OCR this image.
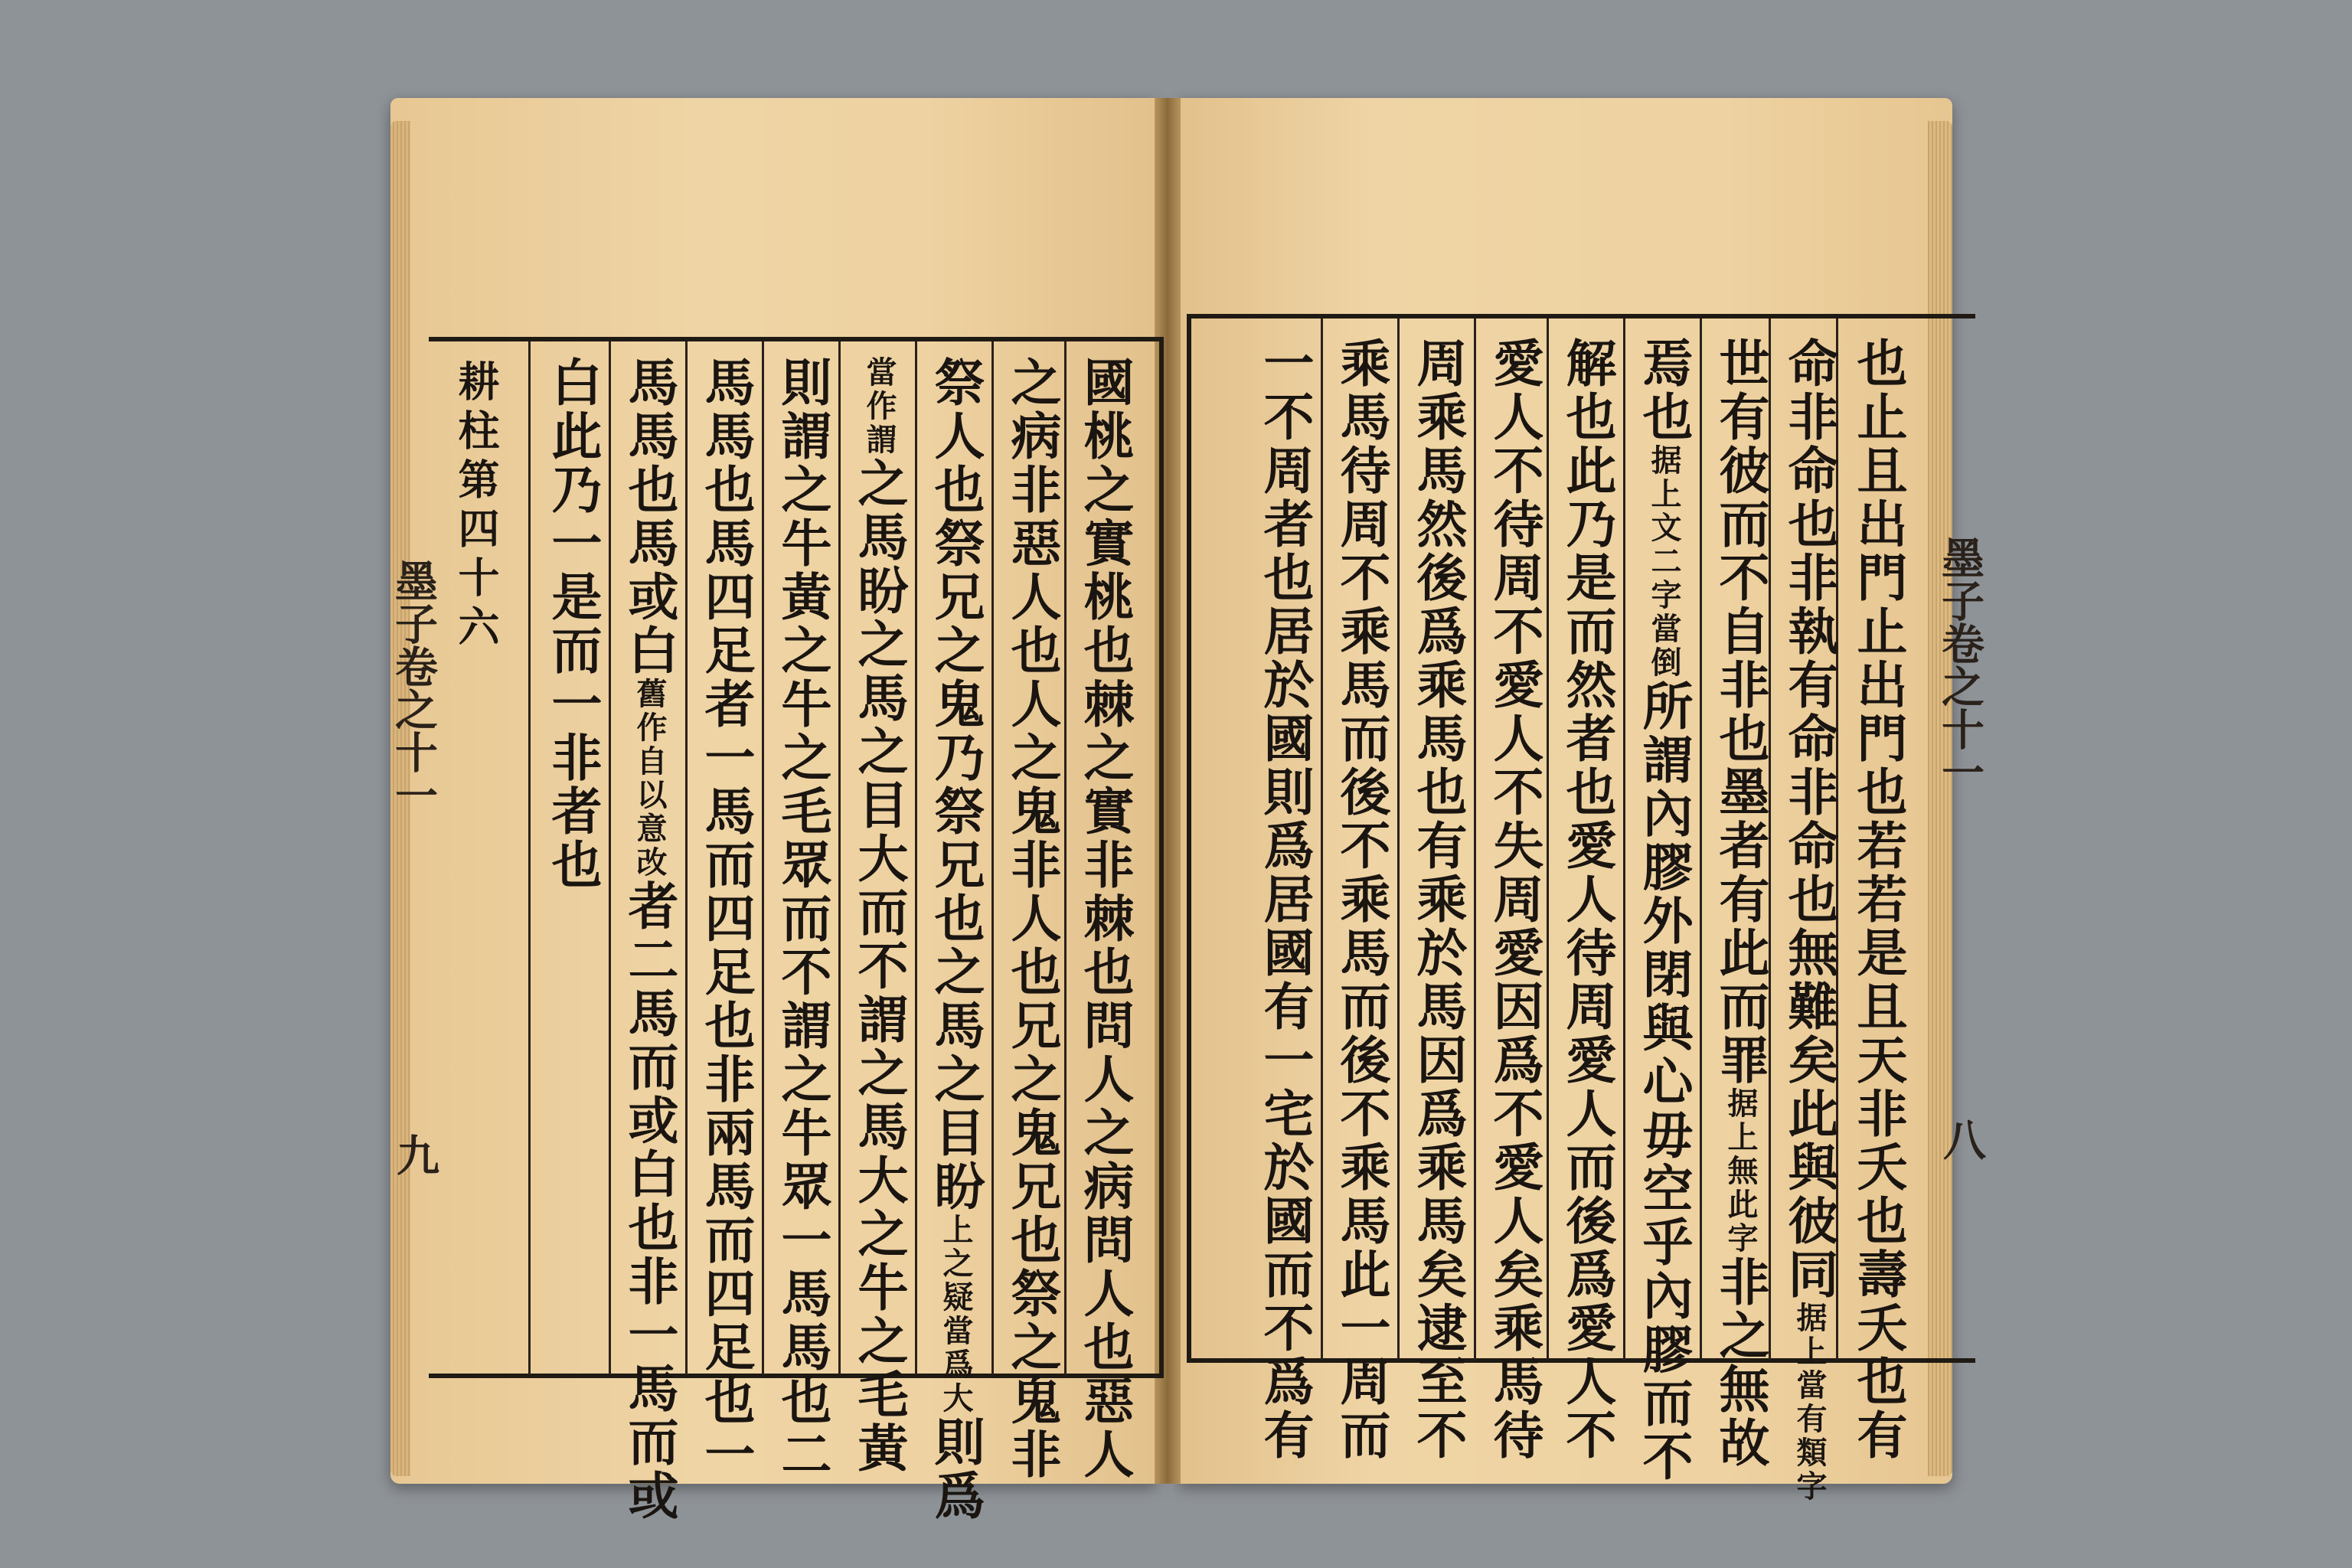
墨子卷之十一
八
墨子卷之十一
九	也止且出門止出門也若若是且天非夭也壽夭也有
命非命也非執有命非命也無難矣此與彼同据上當有類字
世有彼而不自非也墨者有此而罪据上無此字非之無故
焉也据上文二字當倒所謂內膠外閉與心毋空乎內膠而不
解也此乃是而然者也愛人待周愛人而後爲愛人不
愛人不待周不愛人不失周愛因爲不愛人矣乘馬待
周乘馬然後爲乘馬也有乘於馬因爲乘馬矣逮至不
乘馬待周不乘馬而後不乘馬而後不乘馬此一周而
一不周者也居於國則爲居國有一宅於國而不爲有
國桃之實桃也棘之實非棘也問人之病問人也惡人
之病非惡人也人之鬼非人也兄之鬼兄也祭之鬼非
祭人也祭兄之鬼乃祭兄也之馬之目盼上之疑當爲大則爲
當作謂之馬盼之馬之目大而不謂之馬大之牛之毛黃
則謂之牛黃之牛之毛眾而不謂之牛眾一馬馬也二
馬馬也馬四足者一馬而四足也非兩馬而四足也一
馬馬也馬或白舊作自以意改者二馬而或白也非一馬而或
白此乃一是而一非者也
耕柱第四十六
